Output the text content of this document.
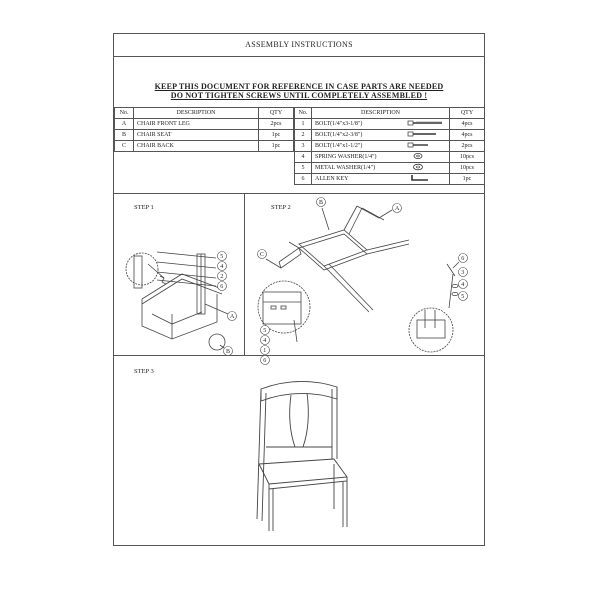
ASSEMBLY INSTRUCTIONS
KEEP THIS DOCUMENT FOR REFERENCE IN CASE PARTS ARE NEEDED
DO NOT TIGHTEN SCREWS UNTIL COMPLETELY ASSEMBLED !
No.	DESCRIPTION	QTY
A	CHAIR FRONT LEG	2pcs
B	CHAIR SEAT	1pc
C	CHAIR BACK	1pc
No.	DESCRIPTION		QTY
1	BOLT(1/4"x3-1/8")		4pcs
2	BOLT(1/4"x2-3/8")		4pcs
3	BOLT(1/4"x1-1/2")		2pcs
4	SPRING WASHER(1/4")		10pcs
5	METAL WASHER(1/4")		10pcs
6	ALLEN KEY		1pc
STEP 1	STEP 2
STEP 3
5
4
2
6
A
B
C
B
A
6
3
4
5
5
4
1
6
